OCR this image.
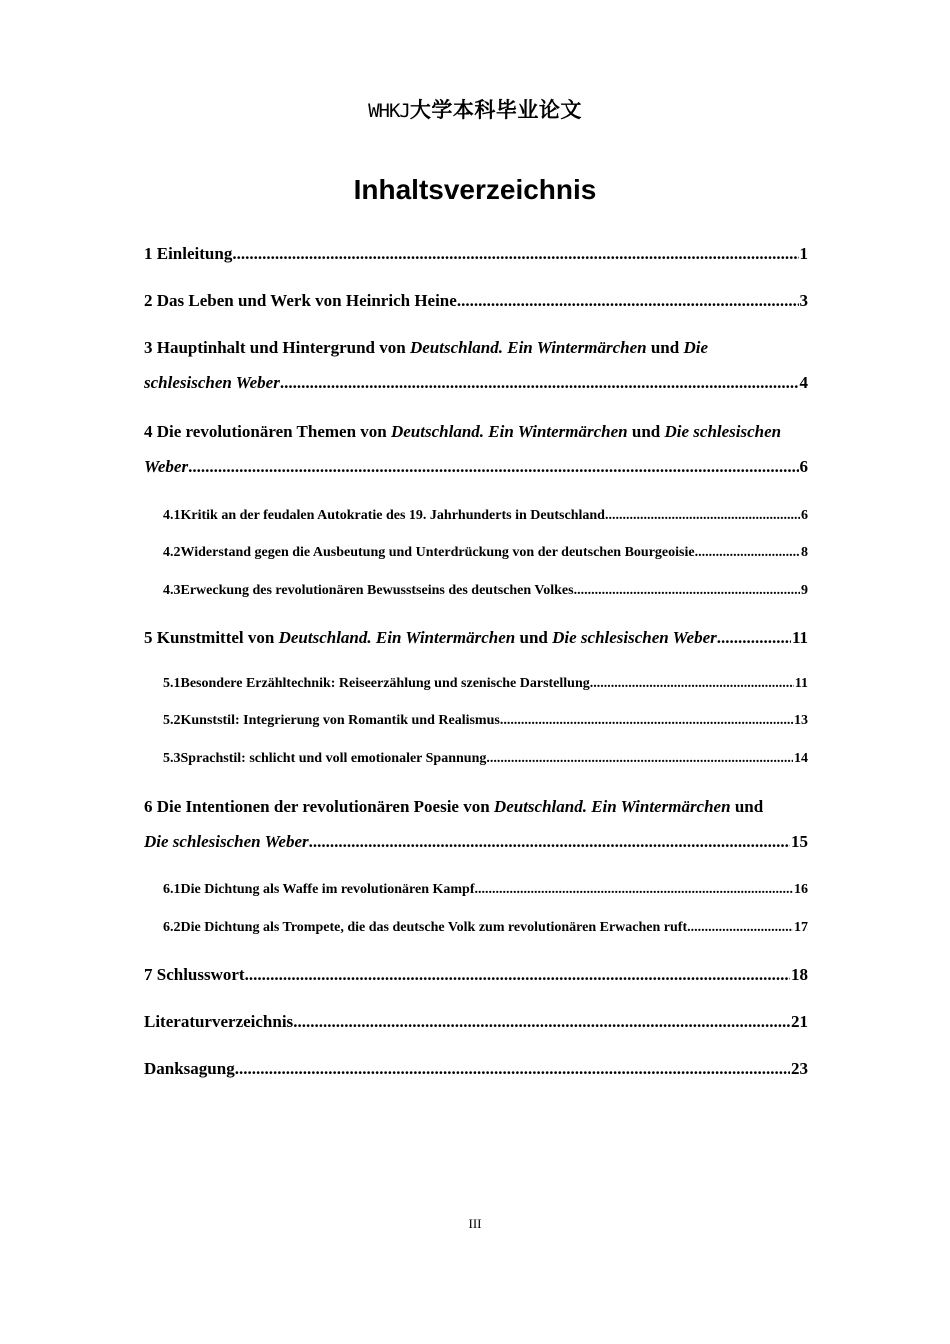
WHKJ大学本科毕业论文
Inhaltsverzeichnis
1 Einleitung .....	1
2 Das Leben und Werk von Heinrich Heine .....	3
3 Hauptinhalt und Hintergrund von Deutschland. Ein Wintermärchen und Die
schlesischen Weber .....	4
4 Die revolutionären Themen von Deutschland. Ein Wintermärchen und Die schlesischen
Weber .....	6
4.1Kritik an der feudalen Autokratie des 19. Jahrhunderts in Deutschland .....	6
4.2Widerstand gegen die Ausbeutung und Unterdrückung von der deutschen Bourgeoisie .....	8
4.3Erweckung des revolutionären Bewusstseins des deutschen Volkes .....	9
5 Kunstmittel von Deutschland. Ein Wintermärchen und Die schlesischen Weber .....	11
5.1Besondere Erzähltechnik: Reiseerzählung und szenische Darstellung .....	11
5.2Kunststil: Integrierung von Romantik und Realismus .....	13
5.3Sprachstil: schlicht und voll emotionaler Spannung .....	14
6 Die Intentionen der revolutionären Poesie von Deutschland. Ein Wintermärchen und
Die schlesischen Weber .....	15
6.1Die Dichtung als Waffe im revolutionären Kampf .....	16
6.2Die Dichtung als Trompete, die das deutsche Volk zum revolutionären Erwachen ruft .....	17
7 Schlusswort .....	18
Literaturverzeichnis .....	21
Danksagung .....	23
III
